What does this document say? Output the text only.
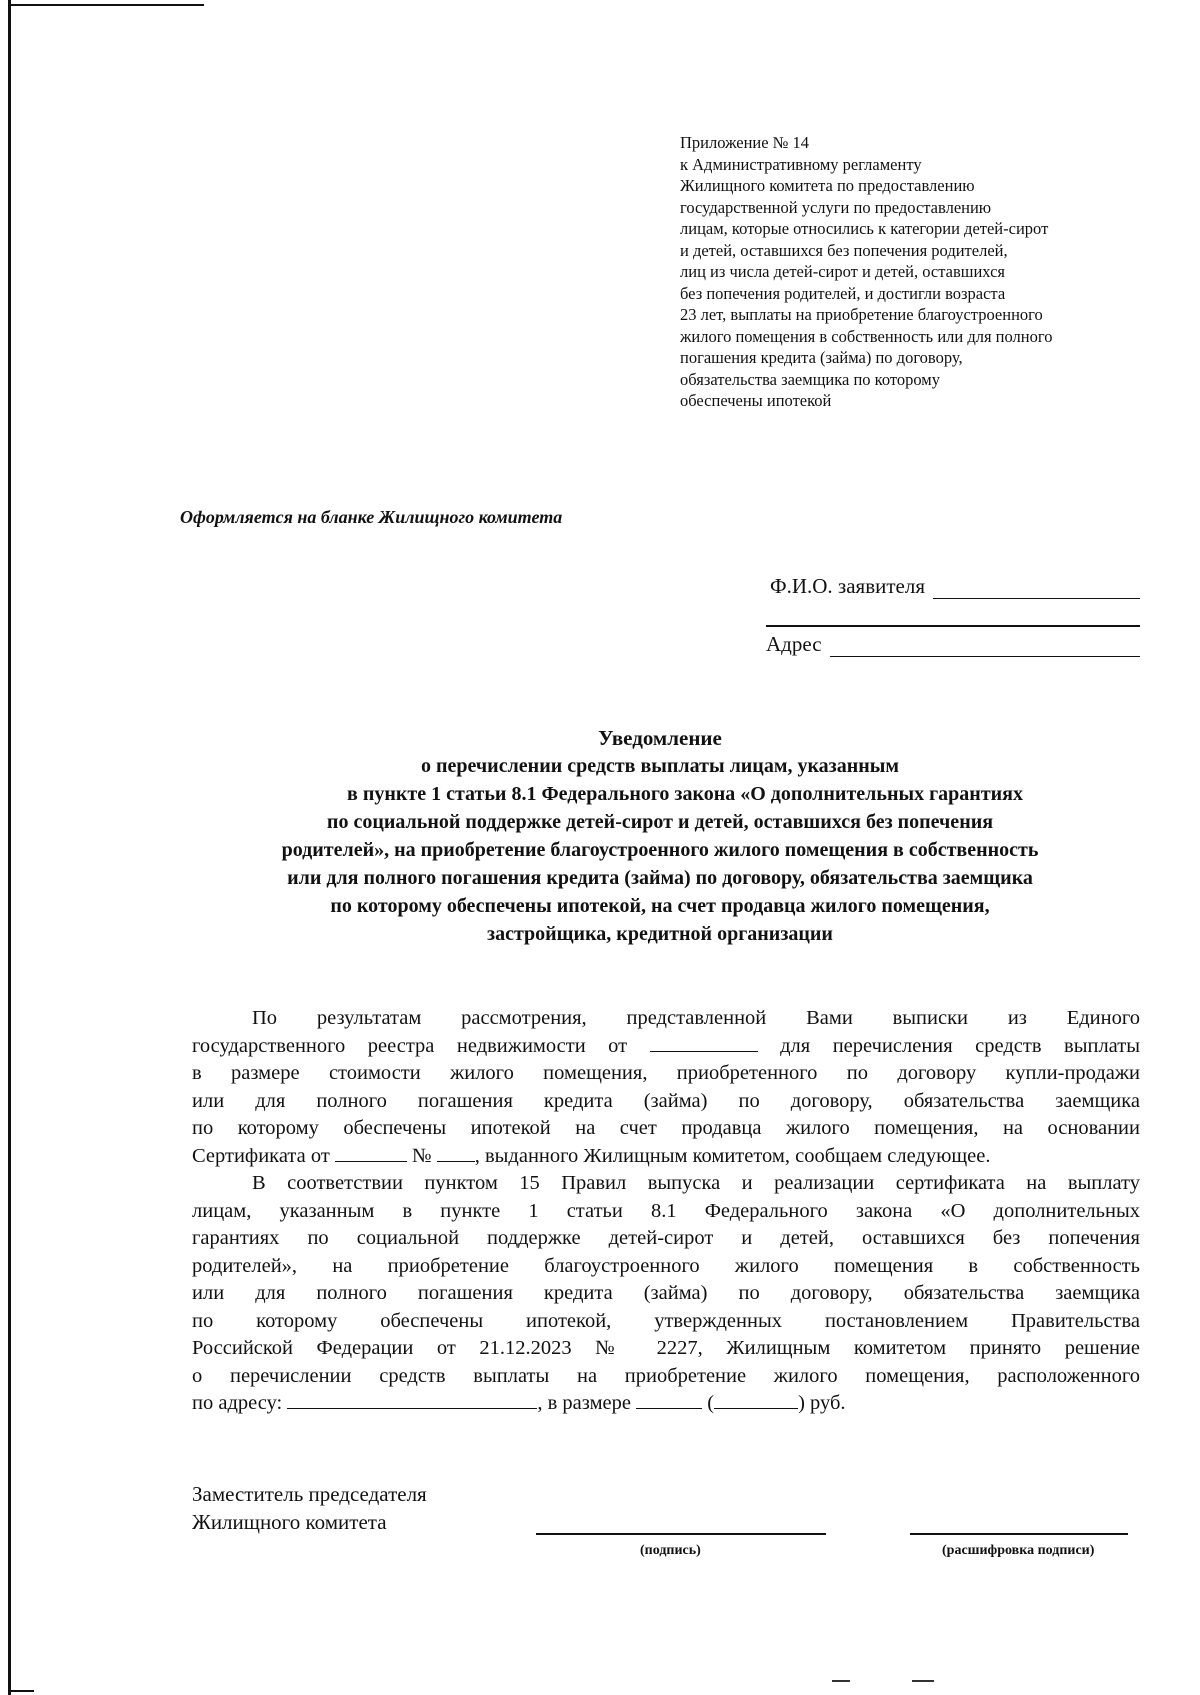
Приложение № 14
к Административному регламенту
Жилищного комитета по предоставлению
государственной услуги по предоставлению
лицам, которые относились к категории детей-сирот
и детей, оставшихся без попечения родителей,
лиц из числа детей-сирот и детей, оставшихся
без попечения родителей, и достигли возраста
23 лет, выплаты на приобретение благоустроенного
жилого помещения в собственность или для полного
погашения кредита (займа) по договору,
обязательства заемщика по которому
обеспечены ипотекой
Оформляется на бланке Жилищного комитета
Ф.И.О. заявителя
Адрес
Уведомление
о перечислении средств выплаты лицам, указанным
в пункте 1 статьи 8.1 Федерального закона «О дополнительных гарантиях
по социальной поддержке детей-сирот и детей, оставшихся без попечения
родителей», на приобретение благоустроенного жилого помещения в собственность
или для полного погашения кредита (займа) по договору, обязательства заемщика
по которому обеспечены ипотекой, на счет продавца жилого помещения,
застройщика, кредитной организации
По результатам рассмотрения, представленной Вами выписки из Единого
государственного реестра недвижимости от	для перечисления средств выплаты
в размере стоимости жилого помещения, приобретенного по договору купли-продажи
или для полного погашения кредита (займа) по договору, обязательства заемщика
по которому обеспечены ипотекой на счет продавца жилого помещения, на основании
Сертификата от	№ , выданного Жилищным комитетом, сообщаем следующее.
В соответствии пунктом 15 Правил выпуска и реализации сертификата на выплату
лицам, указанным в пункте 1 статьи 8.1 Федерального закона «О дополнительных
гарантиях по социальной поддержке детей-сирот и детей, оставшихся без попечения
родителей», на приобретение благоустроенного жилого помещения в собственность
или для полного погашения кредита (займа) по договору, обязательства заемщика
по которому обеспечены ипотекой, утвержденных постановлением Правительства
Российской Федерации от 21.12.2023 № 2227, Жилищным комитетом принято решение
о перечислении средств выплаты на приобретение жилого помещения, расположенного
по адресу:	, в размере	(	) руб.
Заместитель председателя
Жилищного комитета
(подпись)	(расшифровка подписи)
